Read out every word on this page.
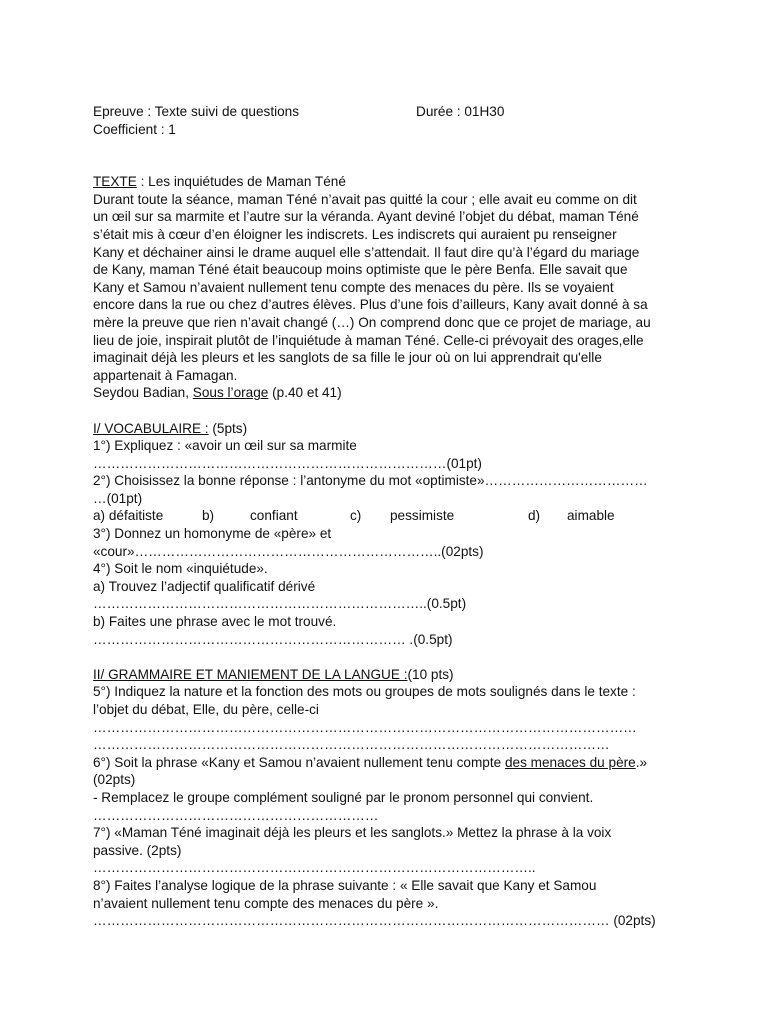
Epreuve : Texte suivi de questions	Durée : 01H30
Coefficient : 1
TEXTE : Les inquiétudes de Maman Téné
Durant toute la séance, maman Téné n’avait pas quitté la cour ; elle avait eu comme on dit
un œil sur sa marmite et l’autre sur la véranda. Ayant deviné l’objet du débat, maman Téné
s’était mis à cœur d’en éloigner les indiscrets. Les indiscrets qui auraient pu renseigner
Kany et déchainer ainsi le drame auquel elle s’attendait. Il faut dire qu’à l’égard du mariage
de Kany, maman Téné était beaucoup moins optimiste que le père Benfa. Elle savait que
Kany et Samou n’avaient nullement tenu compte des menaces du père. Ils se voyaient
encore dans la rue ou chez d’autres élèves. Plus d’une fois d’ailleurs, Kany avait donné à sa
mère la preuve que rien n’avait changé (…) On comprend donc que ce projet de mariage, au
lieu de joie, inspirait plutôt de l’inquiétude à maman Téné. Celle-ci prévoyait des orages,elle
imaginait déjà les pleurs et les sanglots de sa fille le jour où on lui apprendrait qu'elle
appartenait à Famagan.
Seydou Badian, Sous l’orage (p.40 et 41)
I/ VOCABULAIRE : (5pts)
1°) Expliquez : «avoir un œil sur sa marmite
……………………………………………………………………(01pt)
2°) Choisissez la bonne réponse : l’antonyme du mot «optimiste»………………………………
…(01pt)
a) défaitiste	b)	confiant	c) pessimiste	d) aimable
3°) Donnez un homonyme de «père» et
«cour»…………………………………………………………..(02pts)
4°) Soit le nom «inquiétude».
a) Trouvez l’adjectif qualificatif dérivé
………………………………………………………………..(0.5pt)
b) Faites une phrase avec le mot trouvé.
…………………………………………………………… .(0.5pt)
II/ GRAMMAIRE ET MANIEMENT DE LA LANGUE :(10 pts)
5°) Indiquez la nature et la fonction des mots ou groupes de mots soulignés dans le texte :
l’objet du débat, Elle, du père, celle-ci
…………………………………………………………………………………………………………
……………………………………………………………………………………………………
6°) Soit la phrase «Kany et Samou n’avaient nullement tenu compte des menaces du père.»
(02pts)
- Remplacez le groupe complément souligné par le pronom personnel qui convient.
………………………………………………………
7°) «Maman Téné imaginait déjà les pleurs et les sanglots.» Mettez la phrase à la voix
passive. (2pts)
……………………………………………………………………………………..
8°) Faites l’analyse logique de la phrase suivante : « Elle savait que Kany et Samou
n’avaient nullement tenu compte des menaces du père ».
…………………………………………………………………………………………………… (02pts)
